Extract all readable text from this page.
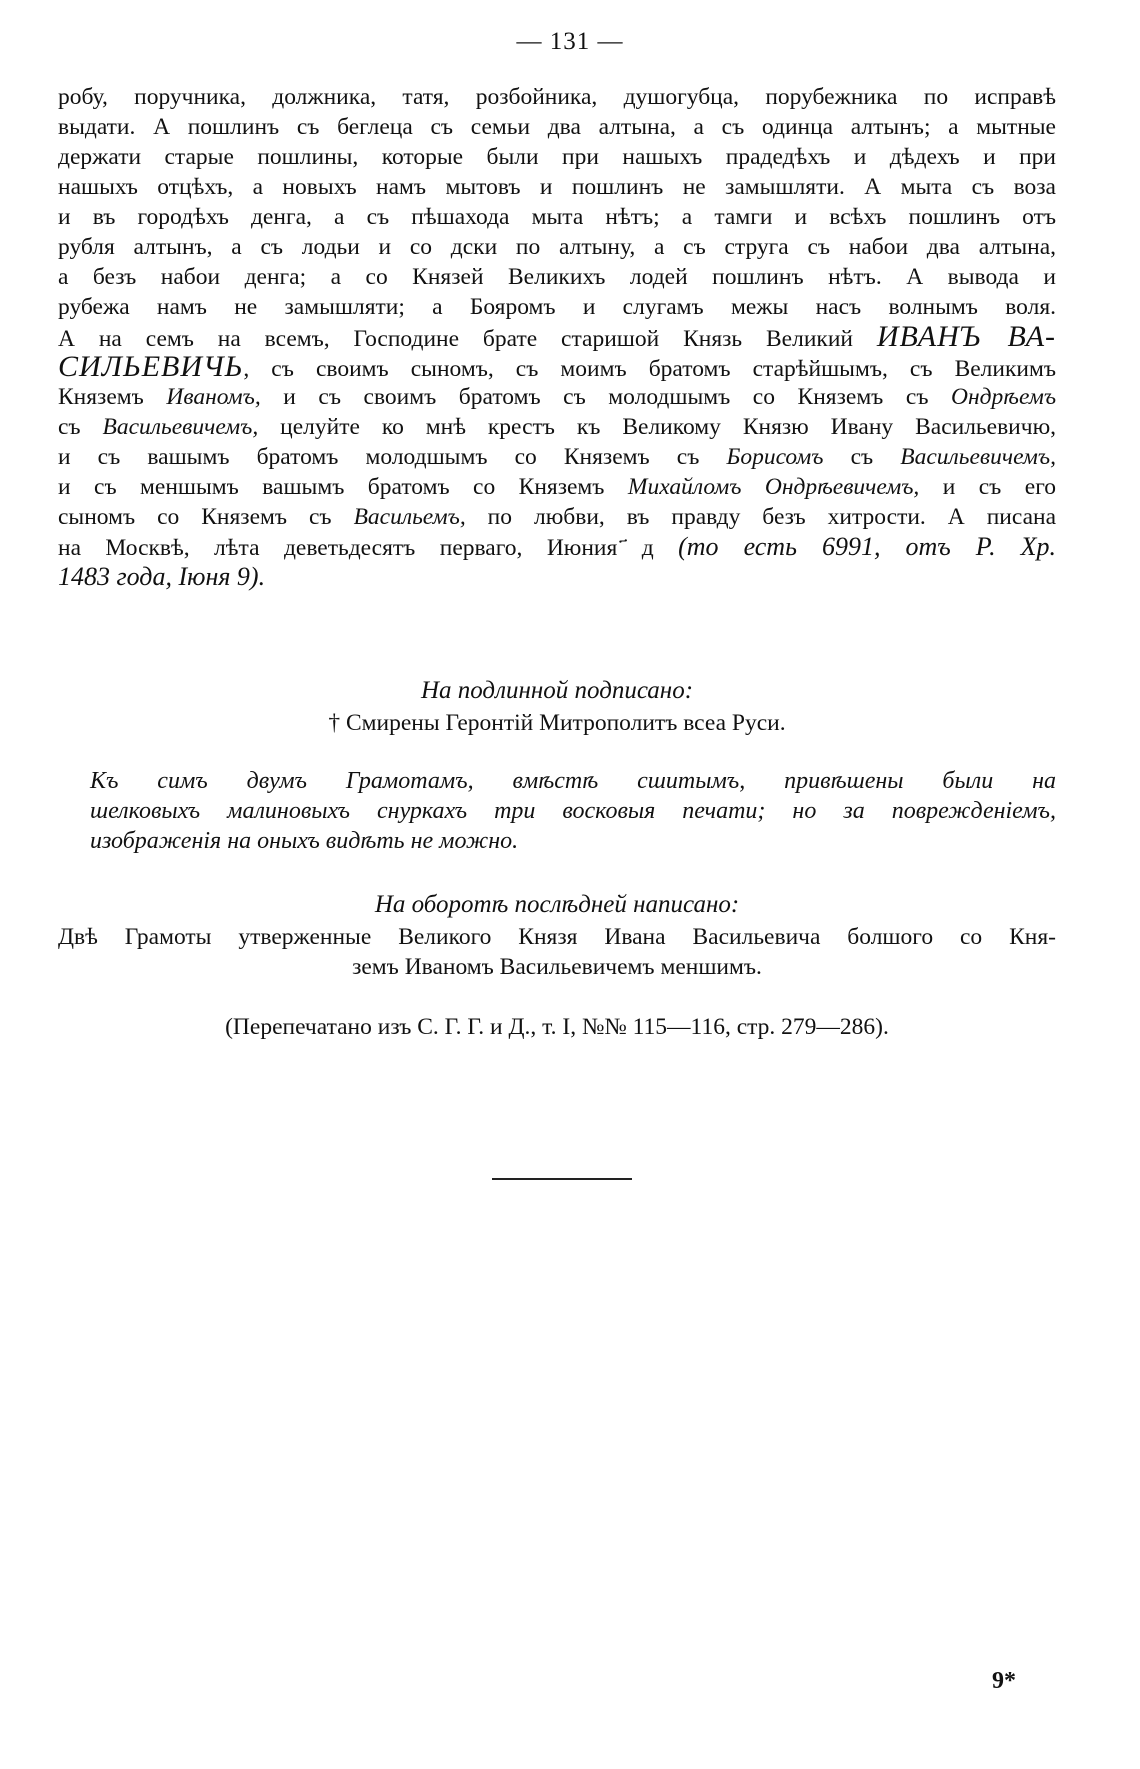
— 131 —
робу, поручника, должника, татя, розбойника, душогубца, порубежника по исправѣ
выдати. А пошлинъ съ беглеца съ семьи два алтына, а съ одинца алтынъ; а мытные
держати старые пошлины, которые были при нашыхъ прадедѣхъ и дѣдехъ и при
нашыхъ отцѣхъ, а новыхъ намъ мытовъ и пошлинъ не замышляти. А мыта съ воза
и въ городѣхъ денга, а съ пѣшахода мыта нѣтъ; а тамги и всѣхъ пошлинъ отъ
рубля алтынъ, а съ лодьи и со дски по алтыну, а съ струга съ набои два алтына,
а безъ набои денга; а со Князей Великихъ лодей пошлинъ нѣтъ. А вывода и
рубежа намъ не замышляти; а Бояромъ и слугамъ межы насъ волнымъ воля.
А на семъ на всемъ, Господине брате старишой Князь Великий ИВАНЪ ВА-
СИЛЬЕВИЧЬ, съ своимъ сыномъ, съ моимъ братомъ старѣйшымъ, съ Великимъ
Княземъ Иваномъ, и съ своимъ братомъ съ молодшымъ со Княземъ съ Ондрѣемъ
съ Васильевичемъ, целуйте ко мнѣ крестъ къ Великому Князю Ивану Васильевичю,
и съ вашымъ братомъ молодшымъ со Княземъ съ Борисомъ съ Васильевичемъ,
и съ меншымъ вашымъ братомъ со Княземъ Михайломъ Ондрѣевичемъ, и съ его
сыномъ со Княземъ съ Васильемъ, по любви, въ правду безъ хитрости. А писана
на Москвѣ, лѣта деветьдесятъ перваго, Июния ҃д (то есть 6991, отъ Р. Хр.
1483 года, Iюня 9).
На подлинной подписано:
† Смирены Геронтiй Митрополитъ всеа Руси.
Къ симъ двумъ Грамотамъ, вмѣстѣ сшитымъ, привѣшены были на
шелковыхъ малиновыхъ снуркахъ три восковыя печати; но за поврежденiемъ,
изображенiя на оныхъ видѣть не можно.
На оборотѣ послѣдней написано:
Двѣ Грамоты утверженные Великого Князя Ивана Васильевича болшого со Кня-
земъ Иваномъ Васильевичемъ меншимъ.
(Перепечатано изъ С. Г. Г. и Д., т. I, №№ 115—116, стр. 279—286).
9*
